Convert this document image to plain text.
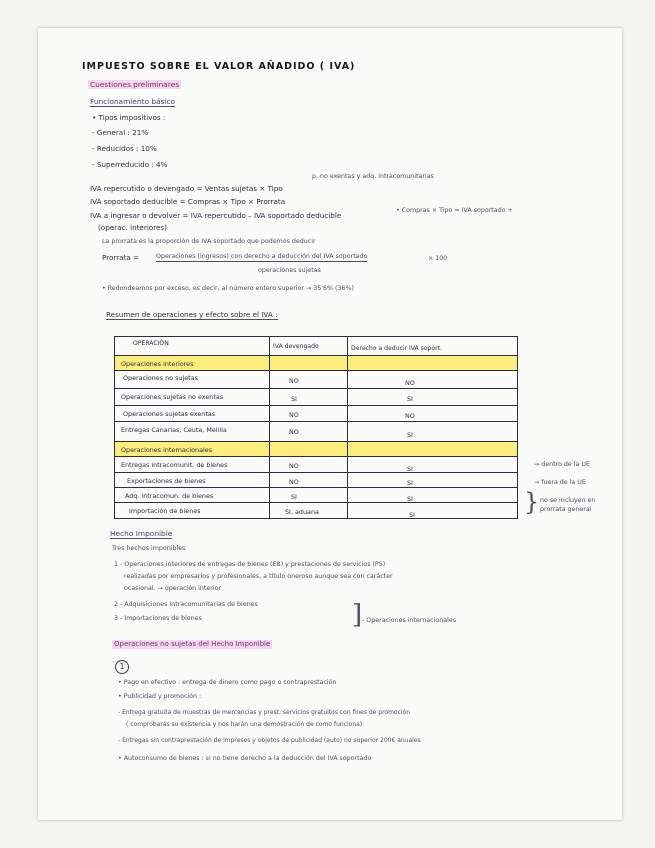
IMPUESTO SOBRE EL VALOR AÑADIDO ( IVA)
Cuestiones preliminares
Funcionamiento básico
• Tipos impositivos :
- General : 21%
- Reducidos : 10%
- Superreducido : 4%
p. no exentas y adq. intracomunitarias
IVA repercutido o devengado = Ventas sujetas × Tipo
IVA soportado deducible = Compras × Tipo × Prorrata
• Compras × Tipo = IVA soportado +
IVA a ingresar o devolver = IVA repercutido – IVA soportado deducible
(operac. interiores)
La prorrata es la proporción de IVA soportado que podemos deducir
Prorrata =	Operaciones (ingresos) con derecho a deducción del IVA soportado	× 100
operaciones sujetas
• Redondeamos por exceso, es decir, al número entero superior → 35'6% (36%)
Resumen de operaciones y efecto sobre el IVA :
OPERACIÓN	IVA devengado	Derecho a deducir IVA soport.
Operaciones interiores
Operaciones no sujetas	NO	NO
Operaciones sujetas no exentas	SI	SI
Operaciones sujetas exentas	NO	NO
Entregas Canarias, Ceuta, Melilla	NO	SI
Operaciones internacionales
Entregas intracomunit. de bienes	NO	SI
Exportaciones de bienes	NO	SI
Adq. intracomun. de bienes	SI	SI
Importación de bienes	SI, aduana	SI
→ dentro de la UE
→ fuera de la UE
} no se incluyen en
prorrata general
Hecho Imponible
Tres hechos imponibles
1 - Operaciones interiores de entregas de bienes (EB) y prestaciones de servicios (PS)
realizadas por empresarios y profesionales, a título oneroso aunque sea con carácter
ocasional. → operación interior
2 - Adquisiciones intracomunitarias de bienes
3 - Importaciones de bienes	] - Operaciones internacionales
Operaciones no sujetas del Hecho Imponible
1
• Pago en efectivo : entrega de dinero como pago o contraprestación
• Publicidad y promoción :
- Entrega gratuita de muestras de mercancías y prest. servicios gratuitos con fines de promoción
( comprobarás su existencia y nos harán una demostración de como funciona)
- Entregas sin contraprestación de impresos y objetos de publicidad (auto) no superior 200€ anuales
• Autoconsumo de bienes : si no tiene derecho a la deducción del IVA soportado
